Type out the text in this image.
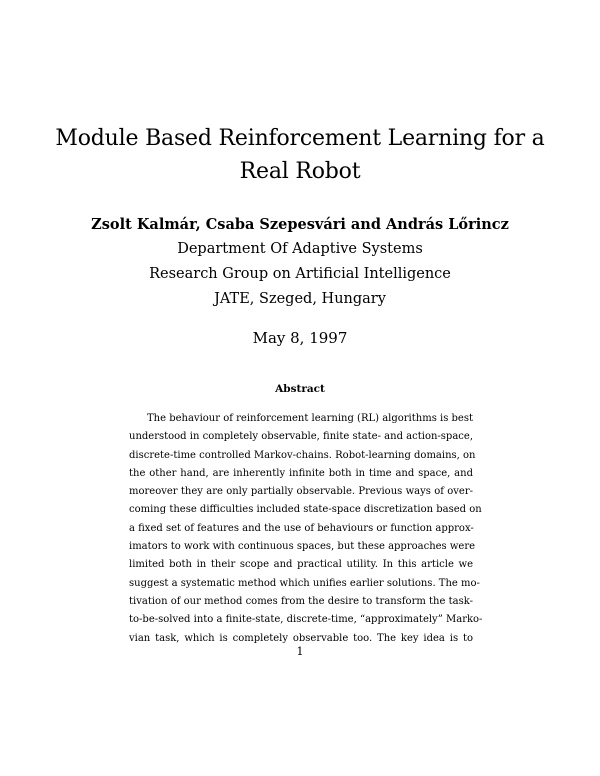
Module Based Reinforcement Learning for a
Real Robot
Zsolt Kalmár, Csaba Szepesvári and András Lőrincz
Department Of Adaptive Systems
Research Group on Artificial Intelligence
JATE, Szeged, Hungary
May 8, 1997
Abstract
The behaviour of reinforcement learning (RL) algorithms is best
understood in completely observable, finite state- and action-space,
discrete-time controlled Markov-chains. Robot-learning domains, on
the other hand, are inherently infinite both in time and space, and
moreover they are only partially observable. Previous ways of over-
coming these difficulties included state-space discretization based on
a fixed set of features and the use of behaviours or function approx-
imators to work with continuous spaces, but these approaches were
limited both in their scope and practical utility. In this article we
suggest a systematic method which unifies earlier solutions. The mo-
tivation of our method comes from the desire to transform the task-
to-be-solved into a finite-state, discrete-time, “approximately” Marko-
vian task, which is completely observable too. The key idea is to
1
